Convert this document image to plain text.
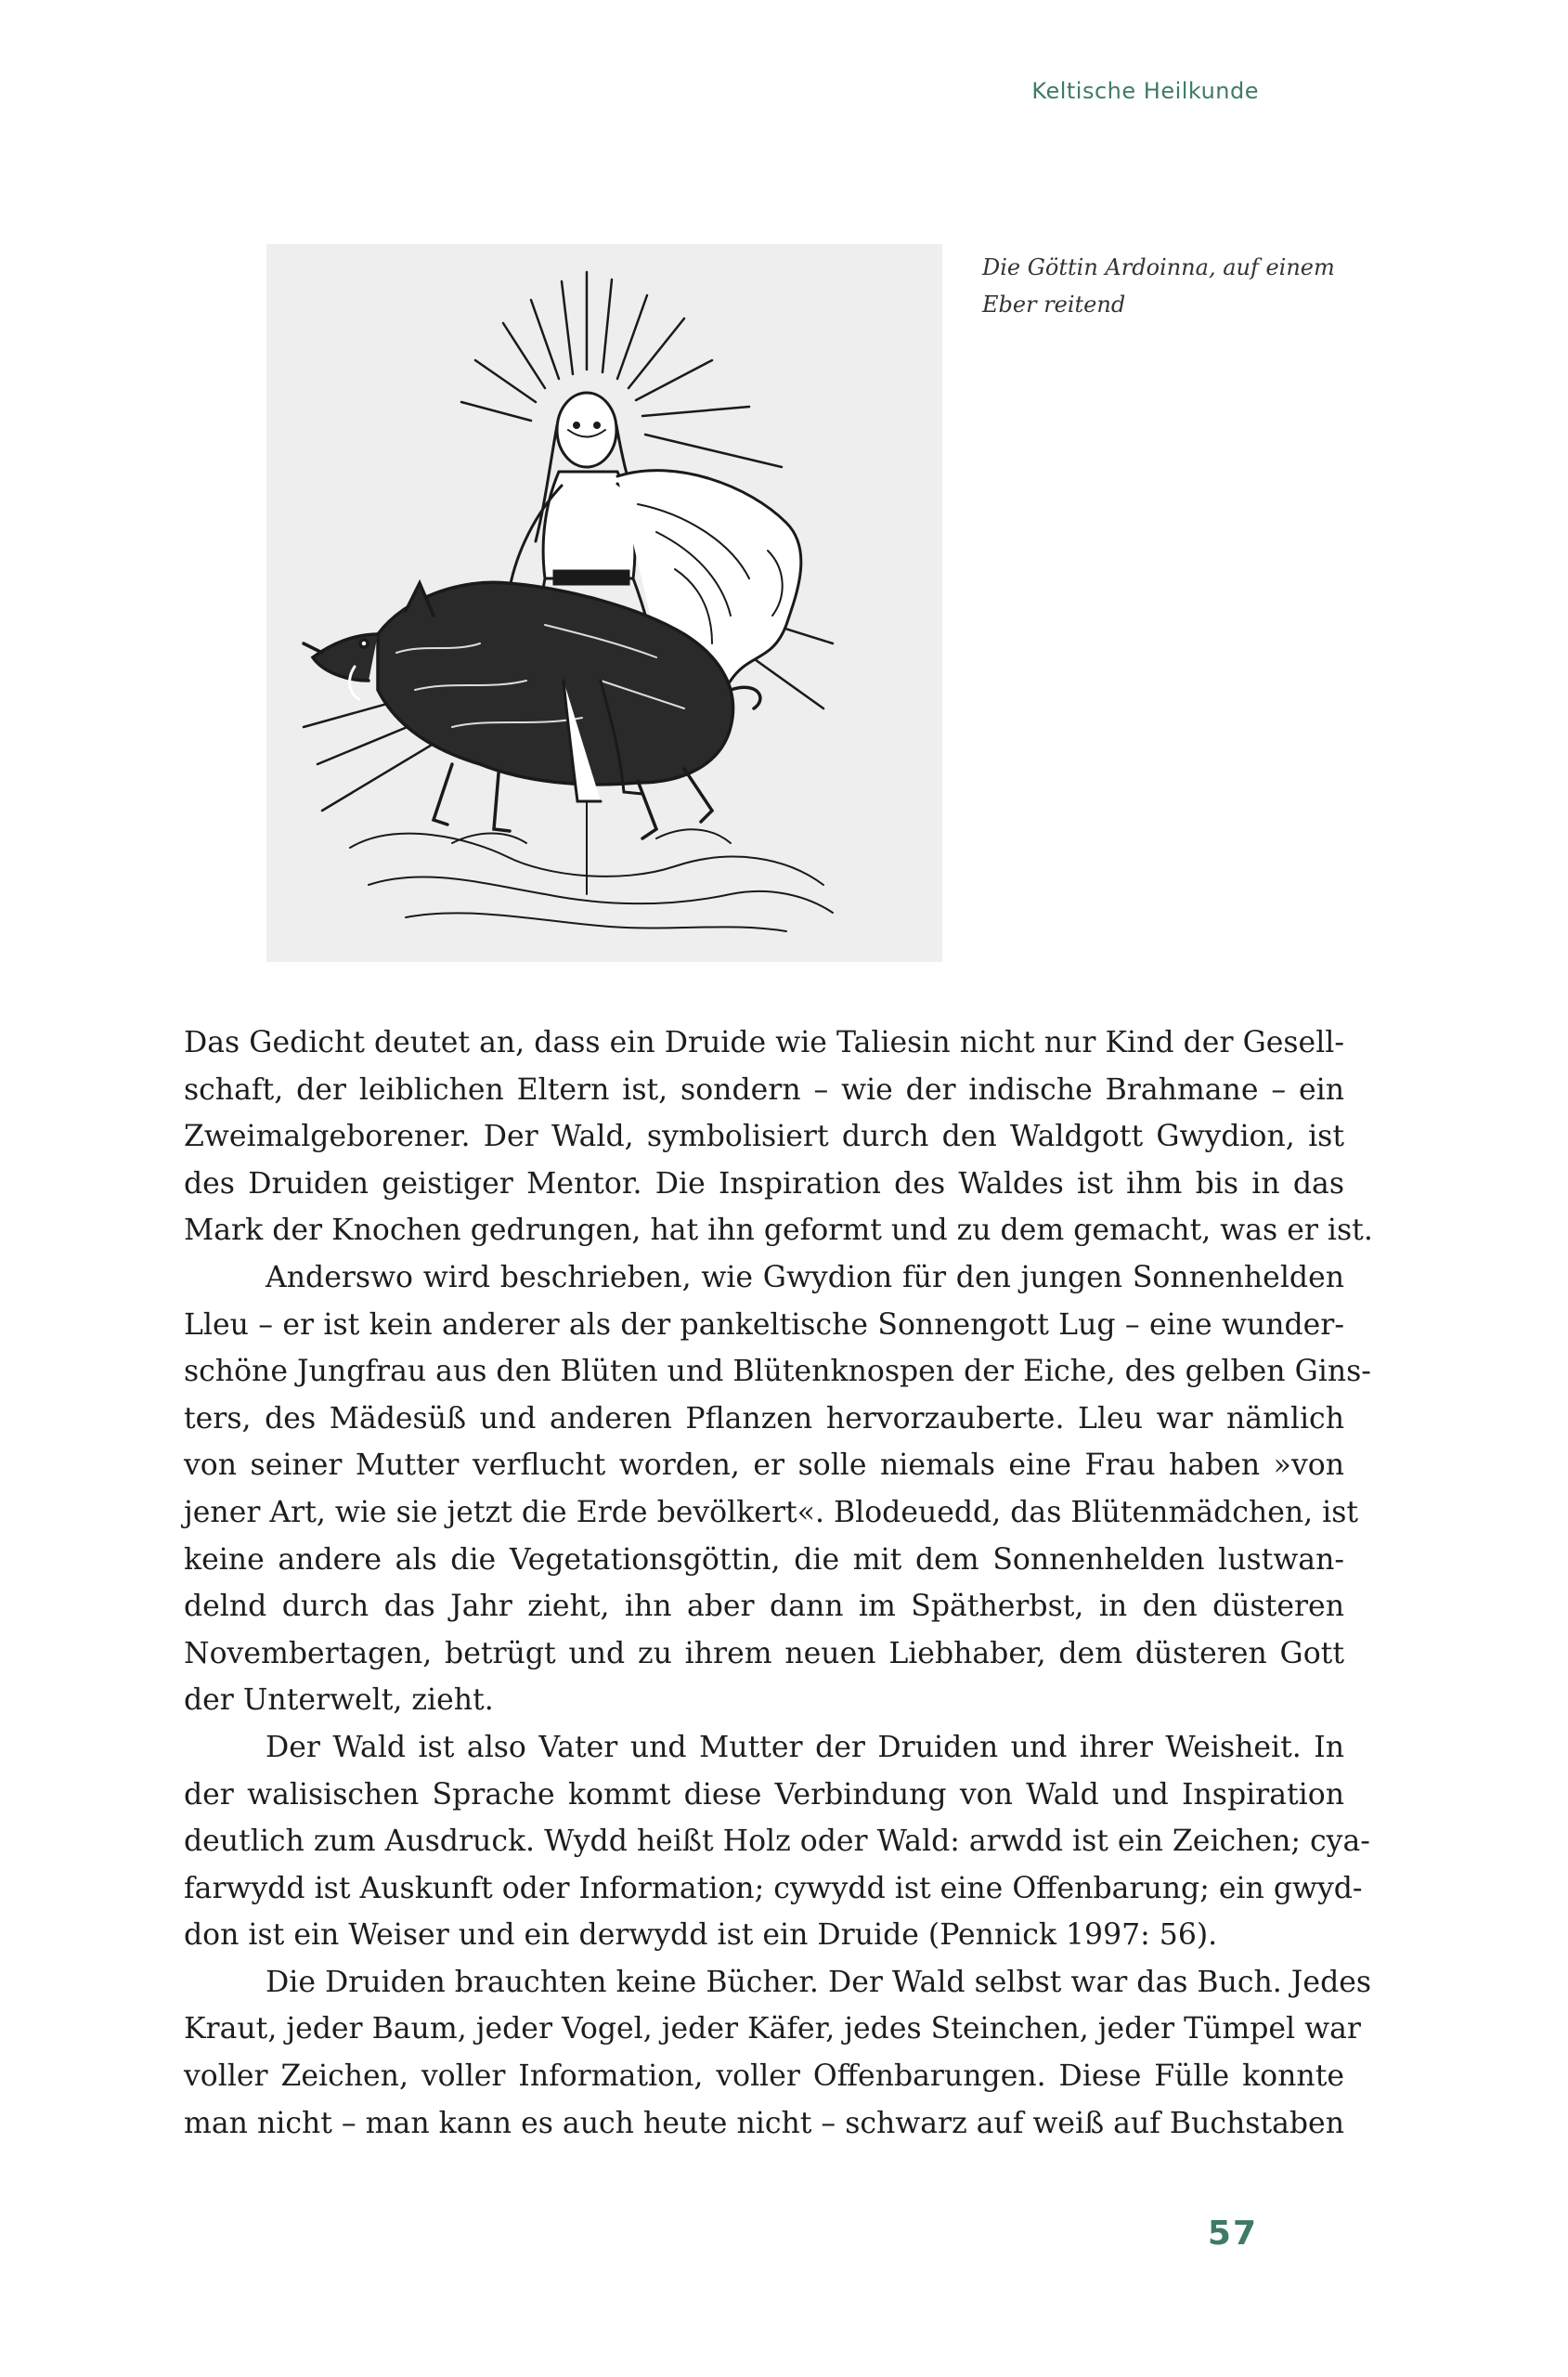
Keltische Heilkunde
Die Göttin Ardoinna, auf einem
Eber reitend
Das Gedicht deutet an, dass ein Druide wie Taliesin nicht nur Kind der Gesell-
schaft, der leiblichen Eltern ist, sondern – wie der indische Brahmane – ein
Zweimalgeborener. Der Wald, symbolisiert durch den Waldgott Gwydion, ist
des Druiden geistiger Mentor. Die Inspiration des Waldes ist ihm bis in das
Mark der Knochen gedrungen, hat ihn geformt und zu dem gemacht, was er ist.
Anderswo wird beschrieben, wie Gwydion für den jungen Sonnenhelden
Lleu – er ist kein anderer als der pankeltische Sonnengott Lug – eine wunder-
schöne Jungfrau aus den Blüten und Blütenknospen der Eiche, des gelben Gins-
ters, des Mädesüß und anderen Pflanzen hervorzauberte. Lleu war nämlich
von seiner Mutter verflucht worden, er solle niemals eine Frau haben »von
jener Art, wie sie jetzt die Erde bevölkert«. Blodeuedd, das Blütenmädchen, ist
keine andere als die Vegetationsgöttin, die mit dem Sonnenhelden lustwan-
delnd durch das Jahr zieht, ihn aber dann im Spätherbst, in den düsteren
Novembertagen, betrügt und zu ihrem neuen Liebhaber, dem düsteren Gott
der Unterwelt, zieht.
Der Wald ist also Vater und Mutter der Druiden und ihrer Weisheit. In
der walisischen Sprache kommt diese Verbindung von Wald und Inspiration
deutlich zum Ausdruck. Wydd heißt Holz oder Wald: arwdd ist ein Zeichen; cya-
farwydd ist Auskunft oder Information; cywydd ist eine Offenbarung; ein gwyd-
don ist ein Weiser und ein derwydd ist ein Druide (Pennick 1997: 56).
Die Druiden brauchten keine Bücher. Der Wald selbst war das Buch. Jedes
Kraut, jeder Baum, jeder Vogel, jeder Käfer, jedes Steinchen, jeder Tümpel war
voller Zeichen, voller Information, voller Offenbarungen. Diese Fülle konnte
man nicht – man kann es auch heute nicht – schwarz auf weiß auf Buchstaben
57
